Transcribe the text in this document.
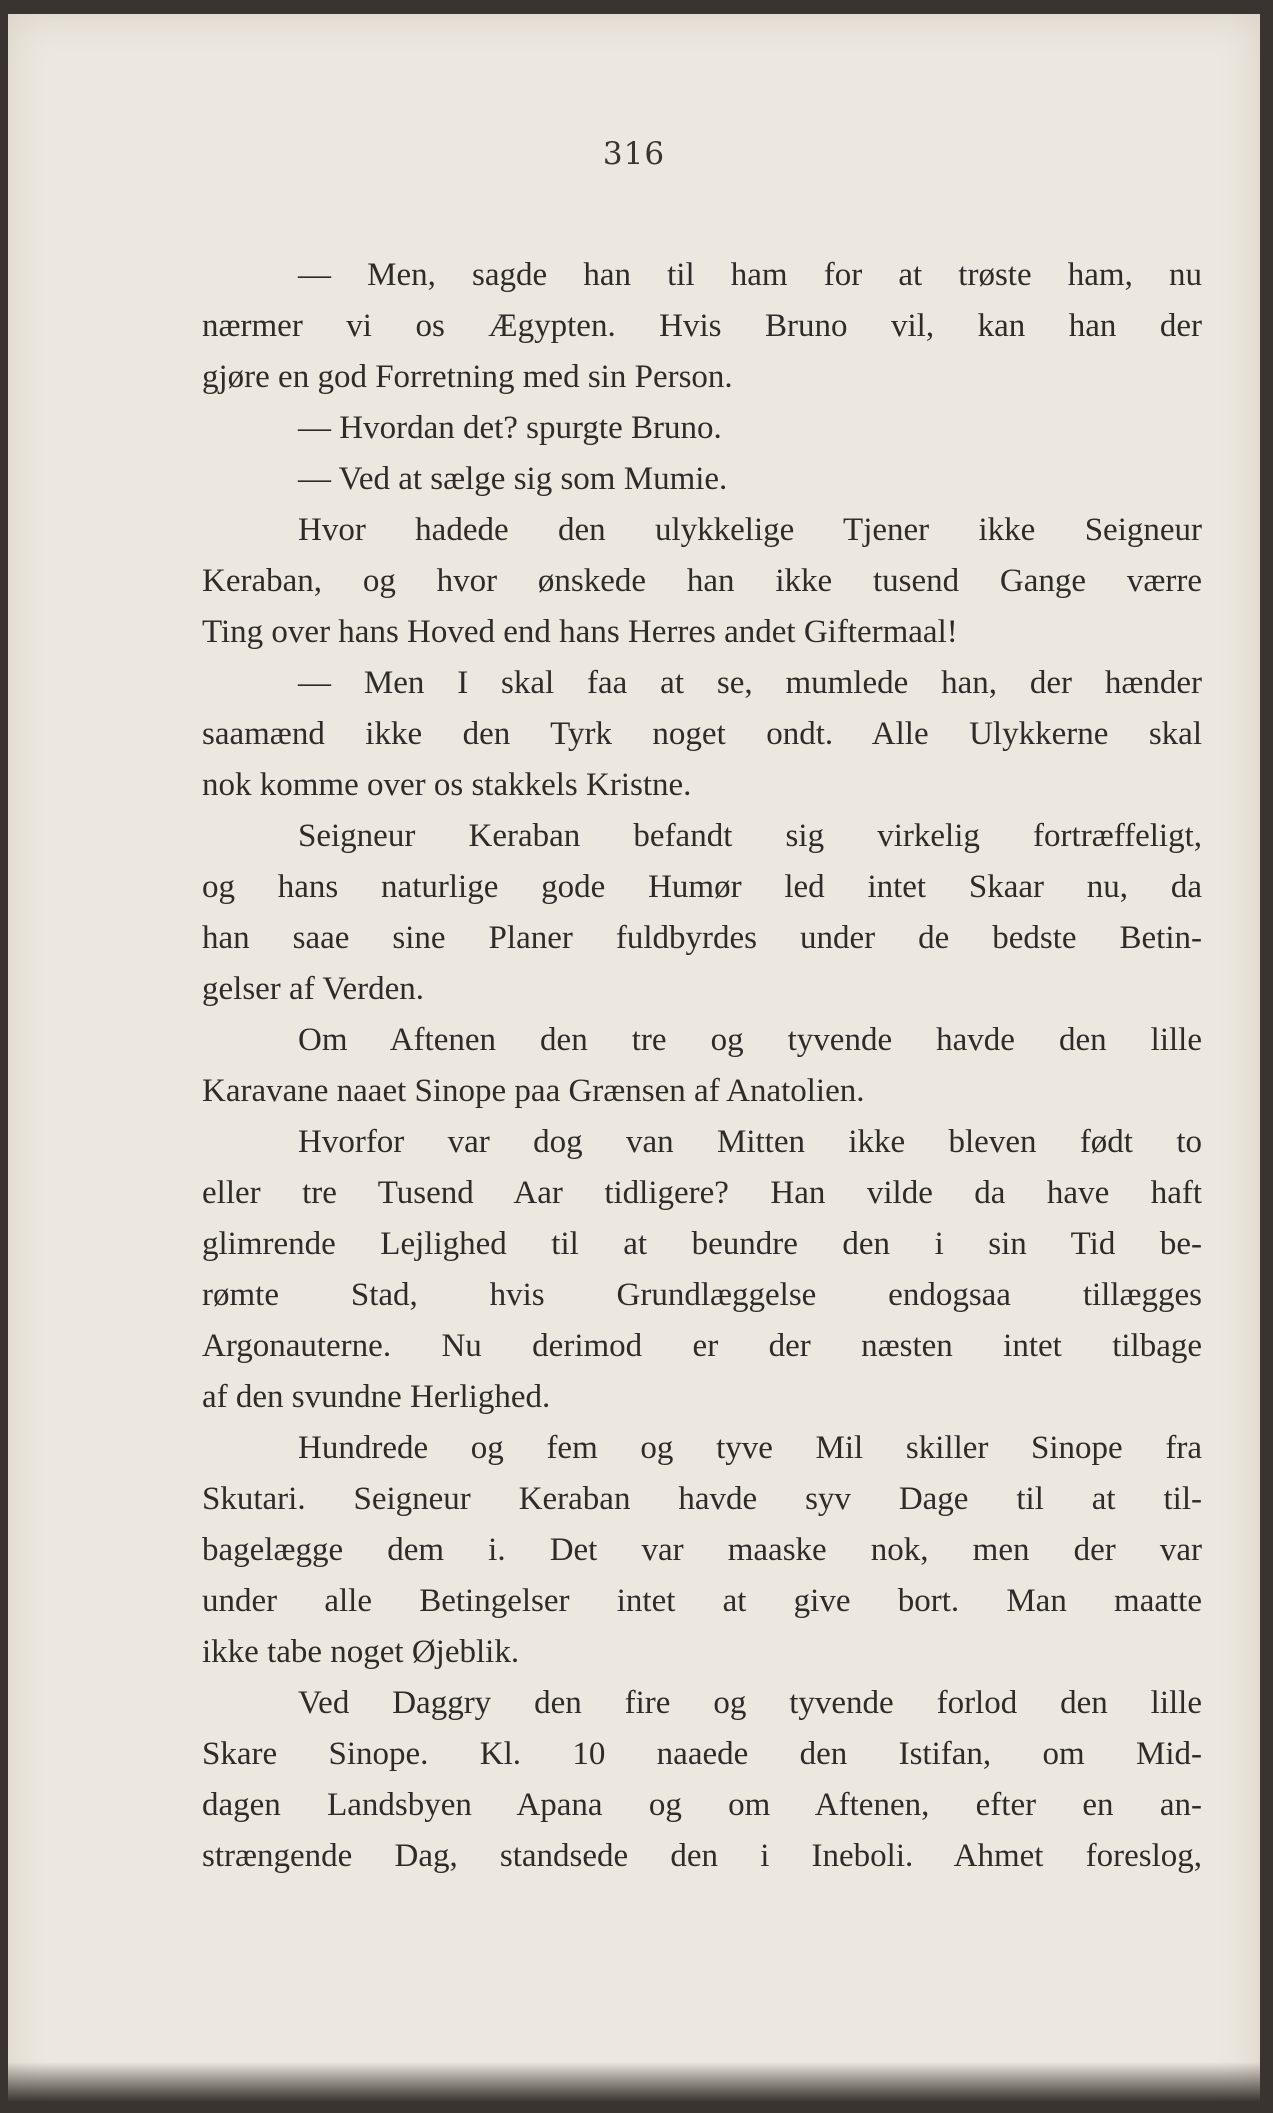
316
— Men, sagde han til ham for at trøste ham, nu
nærmer vi os Ægypten. Hvis Bruno vil, kan han der
gjøre en god Forretning med sin Person.
— Hvordan det? spurgte Bruno.
— Ved at sælge sig som Mumie.
Hvor hadede den ulykkelige Tjener ikke Seigneur
Keraban, og hvor ønskede han ikke tusend Gange værre
Ting over hans Hoved end hans Herres andet Giftermaal!
— Men I skal faa at se, mumlede han, der hænder
saamænd ikke den Tyrk noget ondt. Alle Ulykkerne skal
nok komme over os stakkels Kristne.
Seigneur Keraban befandt sig virkelig fortræffeligt,
og hans naturlige gode Humør led intet Skaar nu, da
han saae sine Planer fuldbyrdes under de bedste Betin-
gelser af Verden.
Om Aftenen den tre og tyvende havde den lille
Karavane naaet Sinope paa Grænsen af Anatolien.
Hvorfor var dog van Mitten ikke bleven født to
eller tre Tusend Aar tidligere? Han vilde da have haft
glimrende Lejlighed til at beundre den i sin Tid be-
rømte Stad, hvis Grundlæggelse endogsaa tillægges
Argonauterne. Nu derimod er der næsten intet tilbage
af den svundne Herlighed.
Hundrede og fem og tyve Mil skiller Sinope fra
Skutari. Seigneur Keraban havde syv Dage til at til-
bagelægge dem i. Det var maaske nok, men der var
under alle Betingelser intet at give bort. Man maatte
ikke tabe noget Øjeblik.
Ved Daggry den fire og tyvende forlod den lille
Skare Sinope. Kl. 10 naaede den Istifan, om Mid-
dagen Landsbyen Apana og om Aftenen, efter en an-
strængende Dag, standsede den i Ineboli. Ahmet foreslog,
